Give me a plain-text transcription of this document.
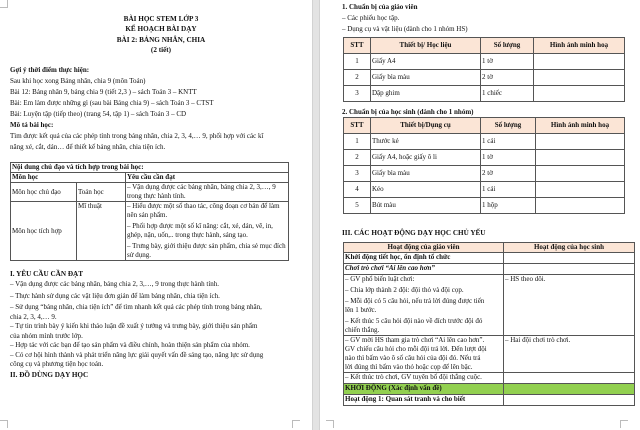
BÀI HỌC STEM LỚP 3
KẾ HOẠCH BÀI DẠY
BÀI 2: BẢNG NHÂN, CHIA
(2 tiết)
Gợi ý thời điểm thực hiện:
Sau khi học xong Bảng nhân, chia 9 (môn Toán)
Bài 12: Bảng nhân 9, bảng chia 9 (tiết 2,3 ) – sách Toán 3 – KNTT
Bài: Em làm được những gì (sau bài Bảng chia 9) – sách Toán 3 – CTST
Bài: Luyện tập (tiếp theo) (trang 54, tập 1) – sách Toán 3 – CD
Mô tả bài học:
Tìm được kết quả của các phép tính trong bảng nhân, chia 2, 3, 4,… 9, phối hợp với các kĩ
năng xé, cắt, dán… để thiết kế bảng nhân, chia tiện ích.
Nội dung chủ đạo và tích hợp trong bài học:		
Môn học		Yêu cầu cần đạt
Môn học chủ đạo	Toán học	– Vận dụng được các bảng nhân, bảng chia 2, 3,…, 9 trong thực hành tính.
Môn học tích hợp	Mĩ thuật	– Hiểu được một số thao tác, công đoạn cơ bản để làm nên sản phẩm.
– Phối hợp được một số kĩ năng: cắt, xé, dán, vẽ, in, ghép, nặn, uốn,.. trong thực hành, sáng tạo.
– Trưng bày, giới thiệu được sản phẩm, chia sẻ mục đích sử dụng.
I. YÊU CẦU CẦN ĐẠT
– Vận dụng được các bảng nhân, bảng chia 2, 3,…, 9 trong thực hành tính.
– Thực hành sử dụng các vật liệu đơn giản để làm bảng nhân, chia tiện ích.
– Sử dụng “bảng nhân, chia tiện ích” để tìm nhanh kết quả các phép tính trong bảng nhân,
chia 2, 3, 4,… 9.
– Tự tin trình bày ý kiến khi thảo luận đề xuất ý tưởng và trưng bày, giới thiệu sản phẩm
của nhóm mình trước lớp.
– Hợp tác với các bạn để tạo sản phẩm và điều chỉnh, hoàn thiện sản phẩm của nhóm.
– Có cơ hội hình thành và phát triển năng lực giải quyết vấn đề sáng tạo, năng lực sử dụng
công cụ và phương tiện học toán.
II. ĐỒ DÙNG DẠY HỌC
1. Chuẩn bị của giáo viên
– Các phiếu học tập.
– Dụng cụ và vật liệu (dành cho 1 nhóm HS)
STT	Thiết bị/ Học liệu	Số lượng	Hình ảnh minh hoạ
1	Giấy A4	1 tờ	
2	Giấy bìa màu	2 tờ	
3	Dập ghim	1 chiếc	
2. Chuẩn bị của học sinh (dành cho 1 nhóm)
STT	Thiết bị/Dụng cụ	Số lượng	Hình ảnh minh hoạ
1	Thước kẻ	1 cái	
2	Giấy A4, hoặc giấy ô li	1 tờ	
3	Giấy bìa màu	2 tờ	
4	Kéo	1 cái	
5	Bút màu	1 hộp	
III. CÁC HOẠT ĐỘNG DẠY HỌC CHỦ YẾU
Hoạt động của giáo viên	Hoạt động của học sinh
Khởi động tiết học, ổn định tổ chức	
Chơi trò chơi “Ai lên cao hơn”	

– GV phổ biến luật chơi:
– Chia lớp thành 2 đội: đội thỏ và đội cọp.
– Mỗi đội có 5 câu hỏi, nếu trả lời đúng được tiến
lên 1 bước.
– Kết thúc 5 câu hỏi đội nào về đích trước đội đó
chiến thắng.
	– HS theo dõi.

– GV mời HS tham gia trò chơi “Ai lên cao hơn”.
GV chiếu câu hỏi cho mỗi đội trả lời. Đến lượt đội
nào thì bấm vào ô số câu hỏi của đội đó. Nếu trả
lời đúng thì bấm vào thỏ hoặc cọp để lên bậc.	– Hai đội chơi trò chơi.
– Kết thúc trò chơi, GV tuyên bố đội thắng cuộc.	
KHỞI ĐỘNG (Xác định vấn đề)	
Hoạt động 1: Quan sát tranh và cho biết	
